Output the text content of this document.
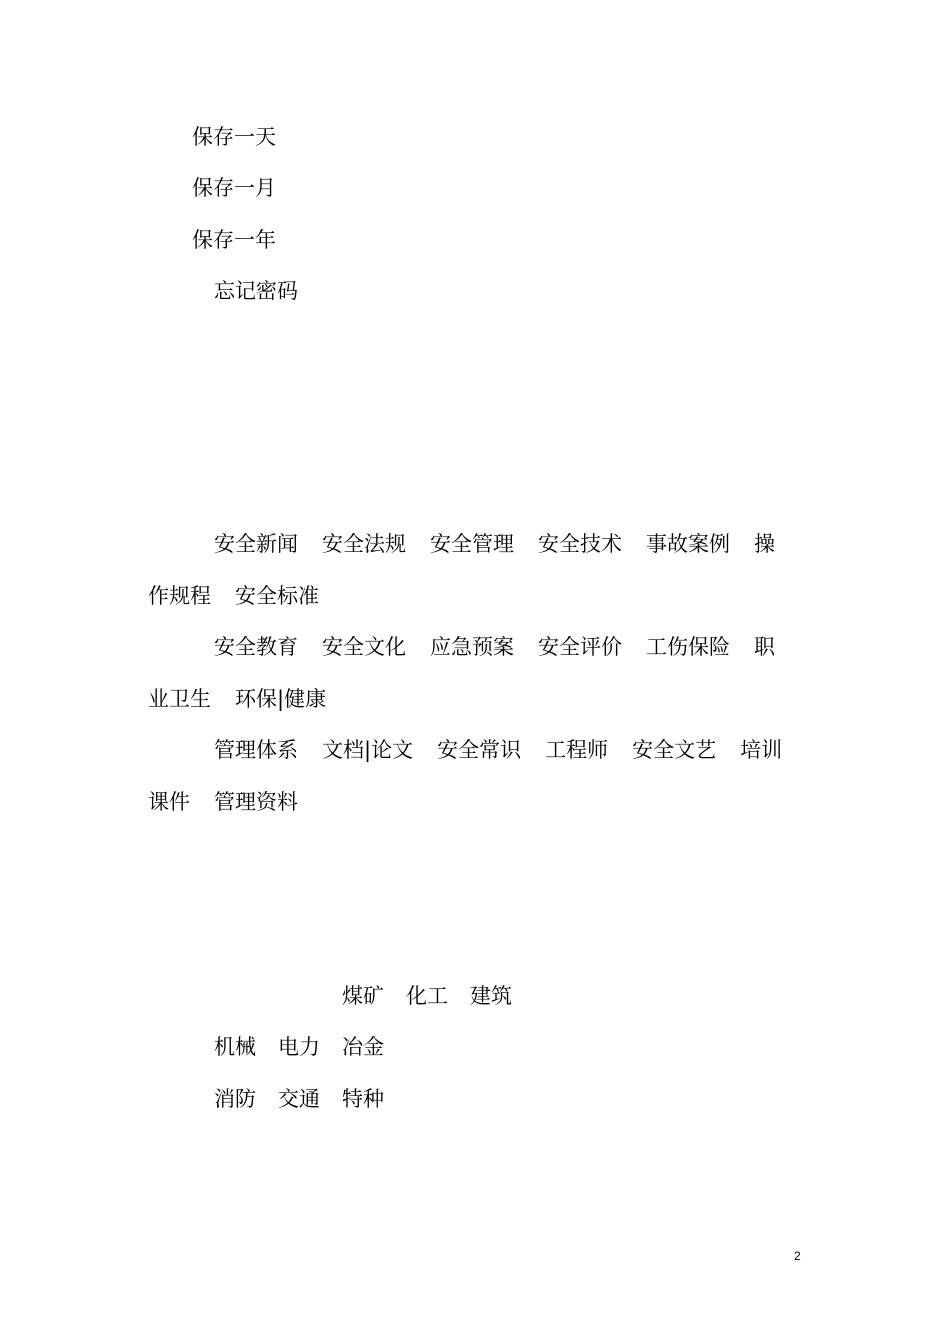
保存一天
保存一月
保存一年
忘记密码
安全新闻 安全法规 安全管理 安全技术 事故案例 操
作规程 安全标准
安全教育 安全文化 应急预案 安全评价 工伤保险 职
业卫生 环保|健康
管理体系 文档|论文 安全常识 工程师 安全文艺 培训
课件 管理资料
煤矿 化工 建筑
机械 电力 冶金
消防 交通 特种
2
